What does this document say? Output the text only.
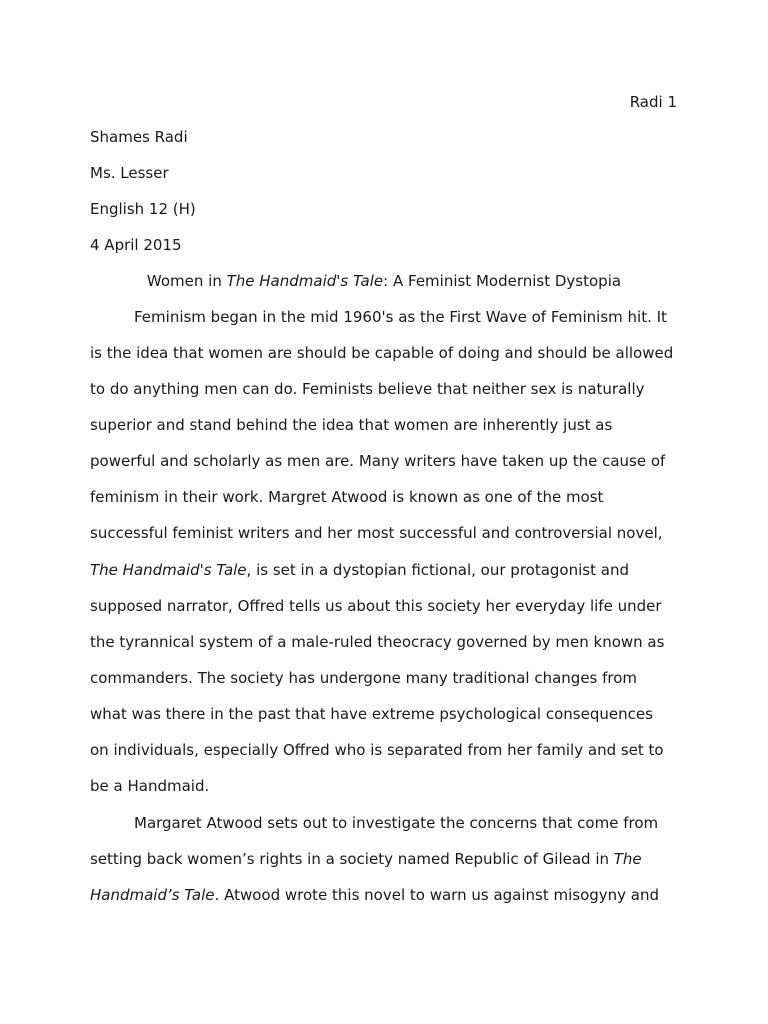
Radi 1
Shames Radi
Ms. Lesser
English 12 (H)
4 April 2015
Women in The Handmaid's Tale: A Feminist Modernist Dystopia
Feminism began in the mid 1960's as the First Wave of Feminism hit. It
is the idea that women are should be capable of doing and should be allowed
to do anything men can do. Feminists believe that neither sex is naturally
superior and stand behind the idea that women are inherently just as
powerful and scholarly as men are. Many writers have taken up the cause of
feminism in their work. Margret Atwood is known as one of the most
successful feminist writers and her most successful and controversial novel,
The Handmaid's Tale, is set in a dystopian fictional, our protagonist and
supposed narrator, Offred tells us about this society her everyday life under
the tyrannical system of a male-ruled theocracy governed by men known as
commanders. The society has undergone many traditional changes from
what was there in the past that have extreme psychological consequences
on individuals, especially Offred who is separated from her family and set to
be a Handmaid.
Margaret Atwood sets out to investigate the concerns that come from
setting back women’s rights in a society named Republic of Gilead in The
Handmaid’s Tale. Atwood wrote this novel to warn us against misogyny and
